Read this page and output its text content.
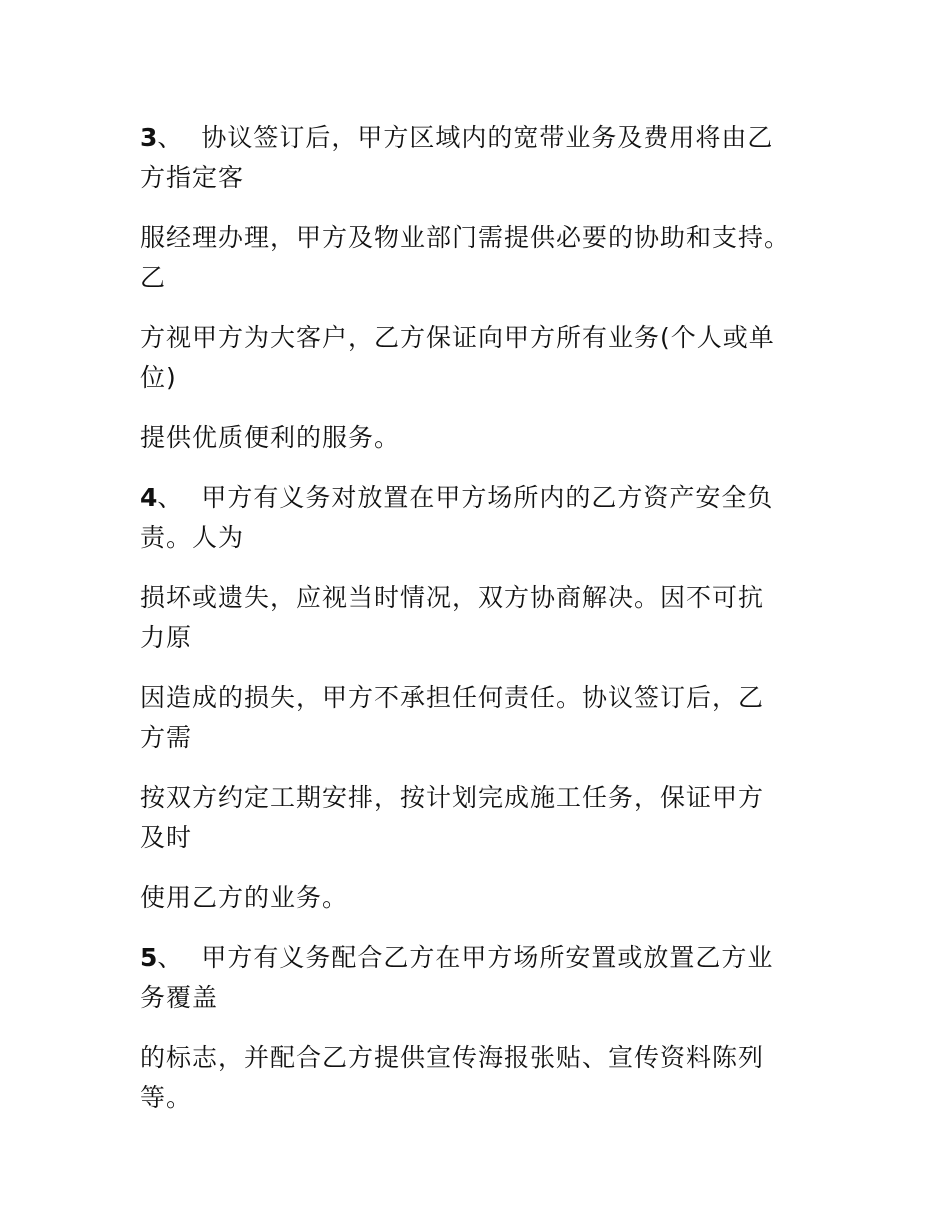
3、 协议签订后，甲方区域内的宽带业务及费用将由乙
方指定客

服经理办理，甲方及物业部门需提供必要的协助和支持。
乙

方视甲方为大客户，乙方保证向甲方所有业务(个人或单
位)

提供优质便利的服务。

4、 甲方有义务对放置在甲方场所内的乙方资产安全负
责。人为

损坏或遗失，应视当时情况，双方协商解决。因不可抗
力原

因造成的损失，甲方不承担任何责任。协议签订后，乙
方需

按双方约定工期安排，按计划完成施工任务，保证甲方
及时

使用乙方的业务。

5、 甲方有义务配合乙方在甲方场所安置或放置乙方业
务覆盖

的标志，并配合乙方提供宣传海报张贴、宣传资料陈列
等。
